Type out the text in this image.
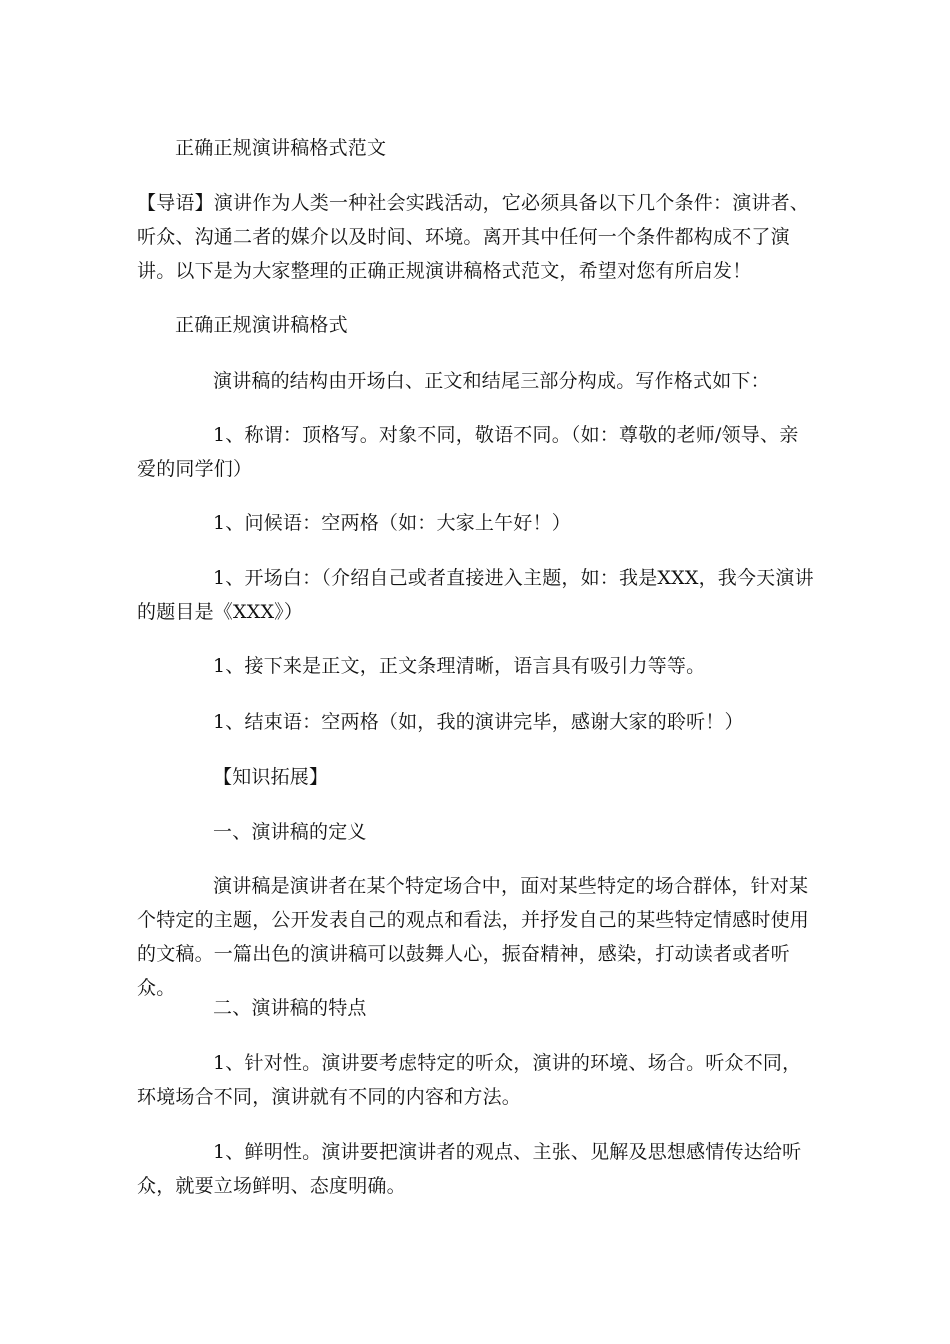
正确正规演讲稿格式范文

【导语】演讲作为人类一种社会实践活动，它必须具备以下几个条件：演讲者、听众、沟通二者的媒介以及时间、环境。离开其中任何一个条件都构成不了演讲。以下是为大家整理的正确正规演讲稿格式范文，希望对您有所启发！

正确正规演讲稿格式

演讲稿的结构由开场白、正文和结尾三部分构成。写作格式如下：

1、称谓：顶格写。对象不同，敬语不同。（如：尊敬的老师/领导、亲爱的同学们）

1、问候语：空两格（如：大家上午好！）

1、开场白：（介绍自己或者直接进入主题，如：我是XXX，我今天演讲的题目是《XXX》）

1、接下来是正文，正文条理清晰，语言具有吸引力等等。

1、结束语：空两格（如，我的演讲完毕，感谢大家的聆听！）

【知识拓展】

一、演讲稿的定义

演讲稿是演讲者在某个特定场合中，面对某些特定的场合群体，针对某个特定的主题，公开发表自己的观点和看法，并抒发自己的某些特定情感时使用的文稿。一篇出色的演讲稿可以鼓舞人心，振奋精神，感染，打动读者或者听众。

二、演讲稿的特点

1、针对性。演讲要考虑特定的听众，演讲的环境、场合。听众不同，环境场合不同，演讲就有不同的内容和方法。

1、鲜明性。演讲要把演讲者的观点、主张、见解及思想感情传达给听众，就要立场鲜明、态度明确。
